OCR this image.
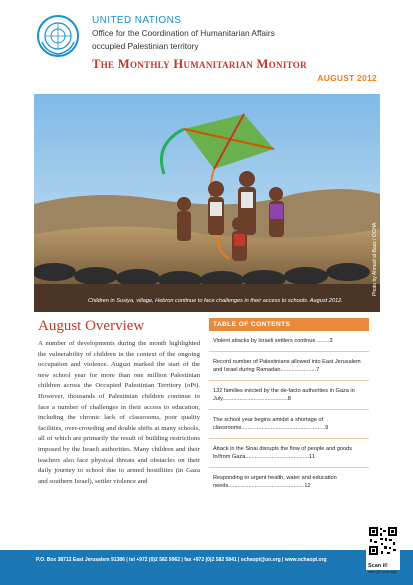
UNITED NATIONS
Office for the Coordination of Humanitarian Affairs
occupied Palestinian territory
The Monthly Humanitarian Monitor
AUGUST 2012
Children in Susiya, village, Hebron continue to face challenges in their access to schools. August 2012.
Photo by Ahmad al-Bazz / OCHA
August Overview
A number of developments during the month highlighted the vulnerability of children in the context of the ongoing occupation and violence. August marked the start of the new school year for more than one million Palestinian children across the Occupied Palestinian Territory (oPt). However, thousands of Palestinian children continue to face a number of challenges in their access to education, including the chronic lack of classrooms, poor quality facilities, over-crowding and double shifts at many schools, all of which are primarily the result of building restrictions imposed by the Israeli authorities. Many children and their teachers also face physical threats and obstacles on their daily journey to school due to armed hostilities (in Gaza and southern Israel), settler violence and
TABLE OF CONTENTS
Violent attacks by Israeli settlers continue ........3
Record number of Palestinians allowed into East Jerusalem and Israel during Ramadan.......................7
132 families evicted by the de-facto authorities in Gaza in July..........................................8
The school year begins amidst a shortage of classrooms......................................................9
Attack in the Sinai disrupts the flow of people and goods to/from Gaza.........................................11
Responding to urgent health, water and education needs.................................................12
P.O. Box 38712 East Jerusalem 91386 | tel +972 (0)2 582 9962 | fax +972 (0)2 582 5841 | ochaopt@un.org | www.ochaopt.org
Scan it!
with QR code App
